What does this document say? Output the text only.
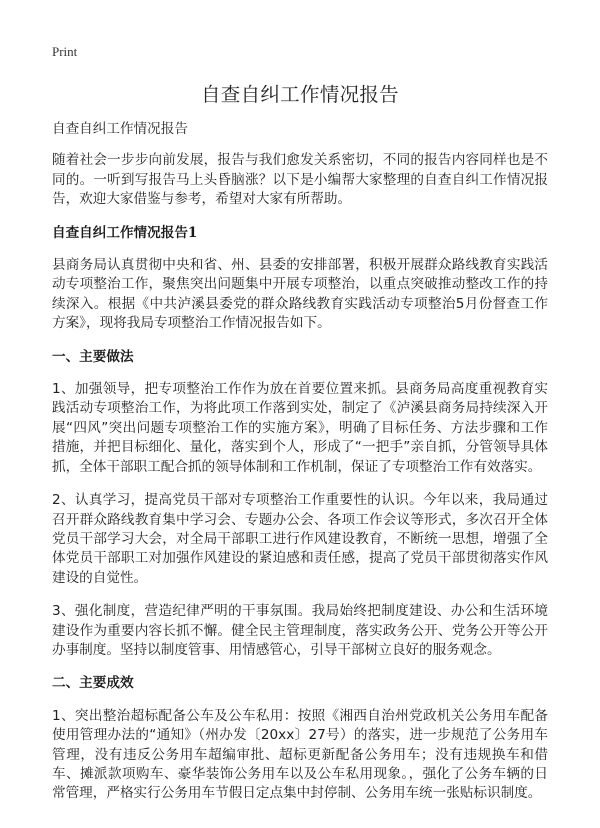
Print
自查自纠工作情况报告

自查自纠工作情况报告

随着社会一步步向前发展，报告与我们愈发关系密切，不同的报告内容同样也是不同的。一听到写报告马上头昏脑涨？以下是小编帮大家整理的自查自纠工作情况报告，欢迎大家借鉴与参考，希望对大家有所帮助。

自查自纠工作情况报告1

县商务局认真贯彻中央和省、州、县委的安排部署，积极开展群众路线教育实践活动专项整治工作，聚焦突出问题集中开展专项整治，以重点突破推动整改工作的持续深入。根据《中共泸溪县委党的群众路线教育实践活动专项整治5月份督查工作方案》，现将我局专项整治工作情况报告如下。

一、主要做法

1、加强领导，把专项整治工作作为放在首要位置来抓。县商务局高度重视教育实践活动专项整治工作，为将此项工作落到实处，制定了《泸溪县商务局持续深入开展“四风”突出问题专项整治工作的实施方案》，明确了目标任务、方法步骤和工作措施，并把目标细化、量化，落实到个人，形成了“一把手”亲自抓，分管领导具体抓，全体干部职工配合抓的领导体制和工作机制，保证了专项整治工作有效落实。

2、认真学习，提高党员干部对专项整治工作重要性的认识。今年以来，我局通过召开群众路线教育集中学习会、专题办公会、各项工作会议等形式，多次召开全体党员干部学习大会，对全局干部职工进行作风建设教育，不断统一思想，增强了全体党员干部职工对加强作风建设的紧迫感和责任感，提高了党员干部贯彻落实作风建设的自觉性。

3、强化制度，营造纪律严明的干事氛围。我局始终把制度建设、办公和生活环境建设作为重要内容长抓不懈。健全民主管理制度，落实政务公开、党务公开等公开办事制度。坚持以制度管事、用情感管心，引导干部树立良好的服务观念。

二、主要成效

1、突出整治超标配备公车及公车私用：按照《湘西自治州党政机关公务用车配备使用管理办法的“通知》（州办发〔20xx〕27号）的落实，进一步规范了公务用车管理，没有违反公务用车超编审批、超标更新配备公务用车；没有违规换车和借车、摊派款项购车、豪华装饰公务用车以及公车私用现象。，强化了公务车辆的日常管理，严格实行公务用车节假日定点集中封停制、公务用车统一张贴标识制度。
